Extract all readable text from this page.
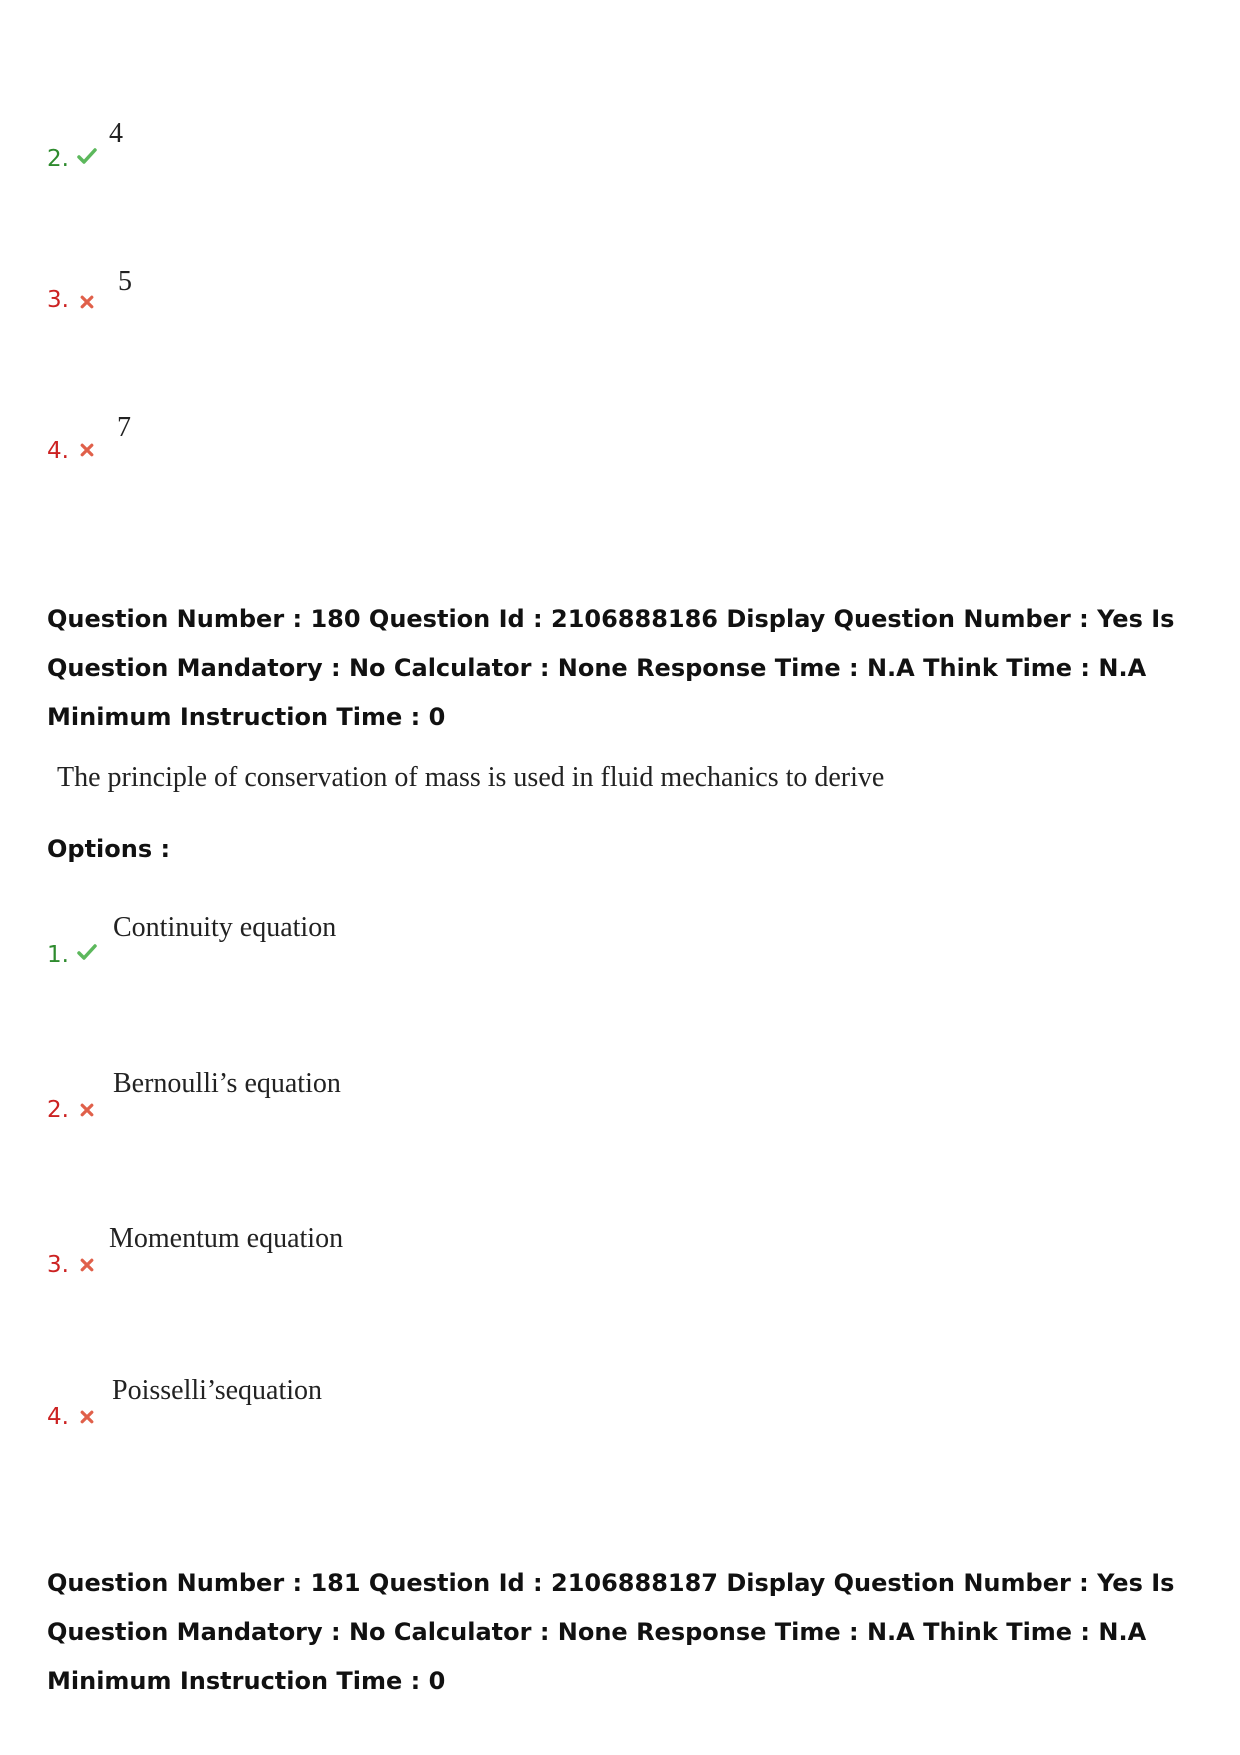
2.
4
3.
5
4.
7
Question Number : 180 Question Id : 2106888186 Display Question Number : Yes Is Question Mandatory : No Calculator : None Response Time : N.A Think Time : N.A Minimum Instruction Time : 0
The principle of conservation of mass is used in fluid mechanics to derive
Options :
1.
Continuity equation
2.
Bernoulli’s equation
3.
Momentum equation
4.
Poisselli’sequation
Question Number : 181 Question Id : 2106888187 Display Question Number : Yes Is Question Mandatory : No Calculator : None Response Time : N.A Think Time : N.A Minimum Instruction Time : 0
